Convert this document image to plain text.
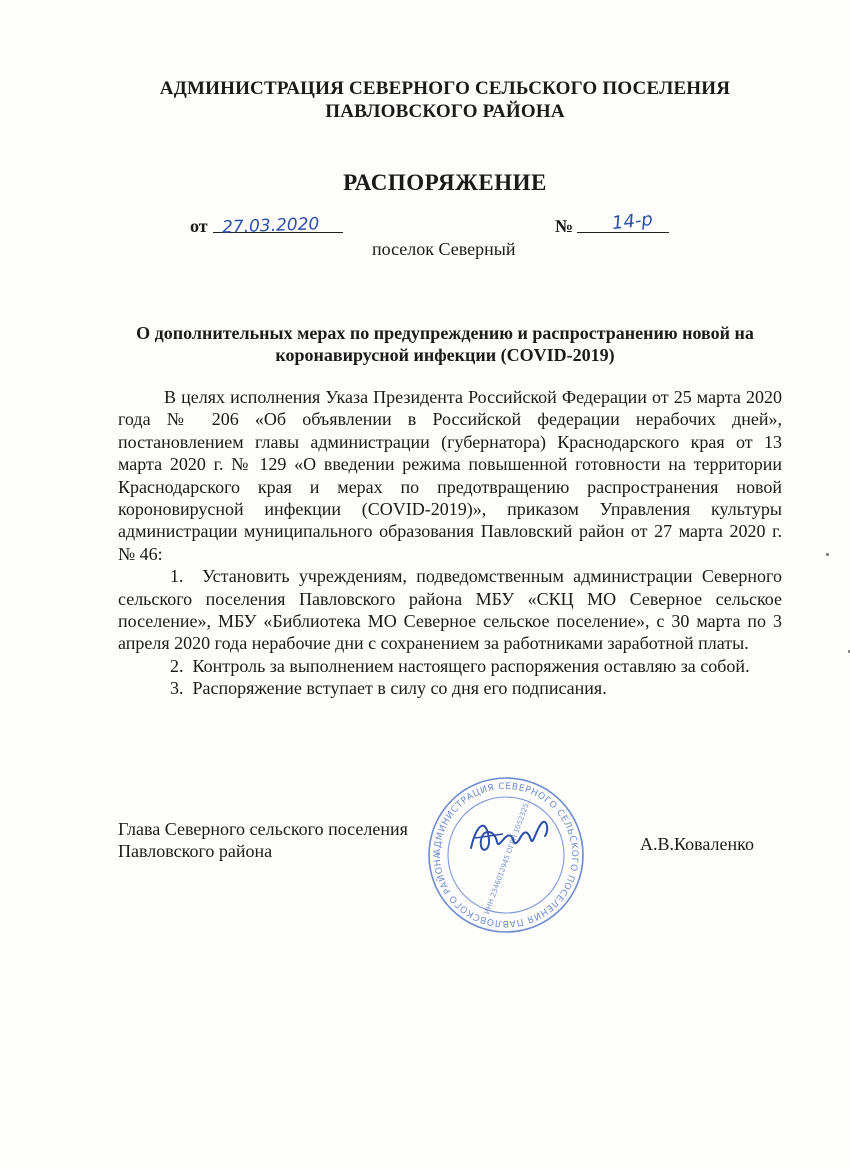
АДМИНИСТРАЦИЯ СЕВЕРНОГО СЕЛЬСКОГО ПОСЕЛЕНИЯ
ПАВЛОВСКОГО РАЙОНА
РАСПОРЯЖЕНИЕ
от 27.03.2020	№ 14-р
поселок Северный
О дополнительных мерах по предупреждению и распространению новой на
коронавирусной инфекции (COVID-2019)

В целях исполнения Указа Президента Российской Федерации от 25 марта 2020 года № 206 «Об объявлении в Российской федерации нерабочих дней», постановлением главы администрации (губернатора) Краснодарского края от 13 марта 2020 г. № 129 «О введении режима повышенной готовности на территории Краснодарского края и мерах по предотвращению распространения новой короновирусной инфекции (COVID-2019)», приказом Управления культуры администрации муниципального образования Павловский район от 27 марта 2020 г. № 46:

1. Установить учреждениям, подведомственным администрации Северного сельского поселения Павловского района МБУ «СКЦ МО Северное сельское поселение», МБУ «Библиотека МО Северное сельское поселение», с 30 марта по 3 апреля 2020 года нерабочие дни с сохранением за работниками заработной платы.

2. Контроль за выполнением настоящего распоряжения оставляю за собой.

3. Распоряжение вступает в силу со дня его подписания.

Глава Северного сельского поселения
Павловского района	АДМИНИСТРАЦИЯ СЕВЕРНОГО СЕЛЬСКОГО ПОСЕЛЕНИЯ ПАВЛОВСКОГО РАЙОНА	ИНН 2346012945 ОГРН 1052325...	А.В.Коваленко
